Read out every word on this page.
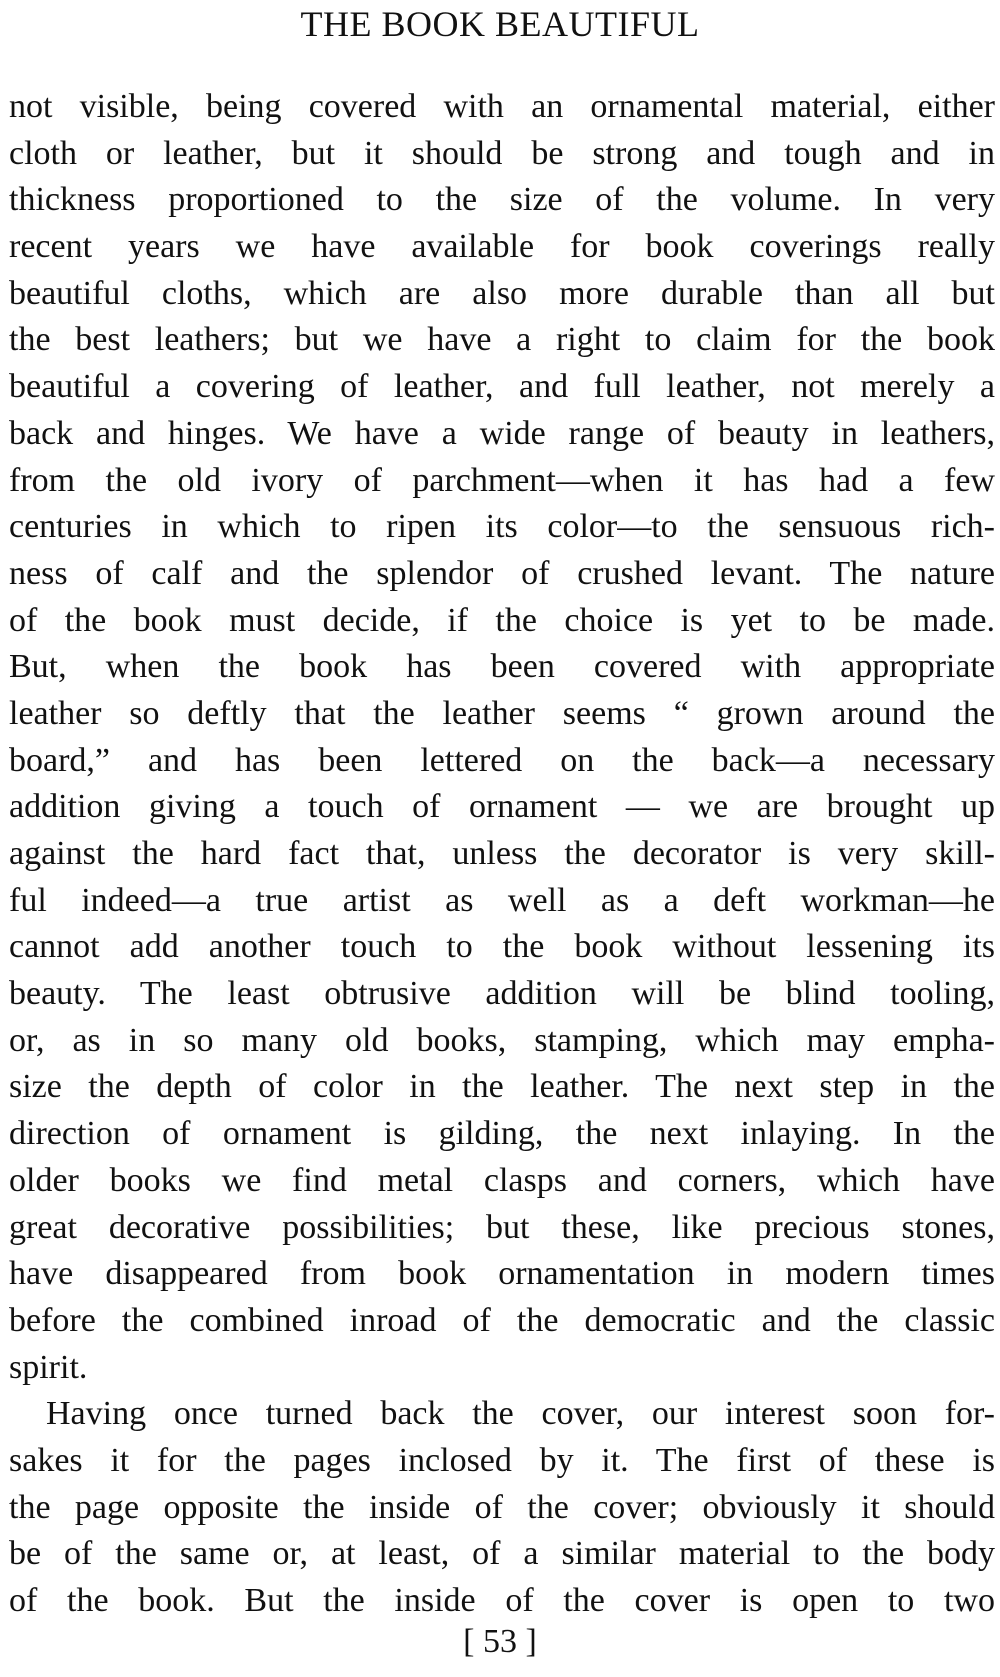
THE BOOK BEAUTIFUL
not visible, being covered with an ornamental material, either
cloth or leather, but it should be strong and tough and in
thickness proportioned to the size of the volume. In very
recent years we have available for book coverings really
beautiful cloths, which are also more durable than all but
the best leathers; but we have a right to claim for the book
beautiful a covering of leather, and full leather, not merely a
back and hinges. We have a wide range of beauty in leathers,
from the old ivory of parchment—when it has had a few
centuries in which to ripen its color—to the sensuous rich-
ness of calf and the splendor of crushed levant. The nature
of the book must decide, if the choice is yet to be made.
But, when the book has been covered with appropriate
leather so deftly that the leather seems “ grown around the
board,” and has been lettered on the back—a necessary
addition giving a touch of ornament — we are brought up
against the hard fact that, unless the decorator is very skill-
ful indeed—a true artist as well as a deft workman—he
cannot add another touch to the book without lessening its
beauty. The least obtrusive addition will be blind tooling,
or, as in so many old books, stamping, which may empha-
size the depth of color in the leather. The next step in the
direction of ornament is gilding, the next inlaying. In the
older books we find metal clasps and corners, which have
great decorative possibilities; but these, like precious stones,
have disappeared from book ornamentation in modern times
before the combined inroad of the democratic and the classic
spirit.
Having once turned back the cover, our interest soon for-
sakes it for the pages inclosed by it. The first of these is
the page opposite the inside of the cover; obviously it should
be of the same or, at least, of a similar material to the body
of the book. But the inside of the cover is open to two
[ 53 ]
